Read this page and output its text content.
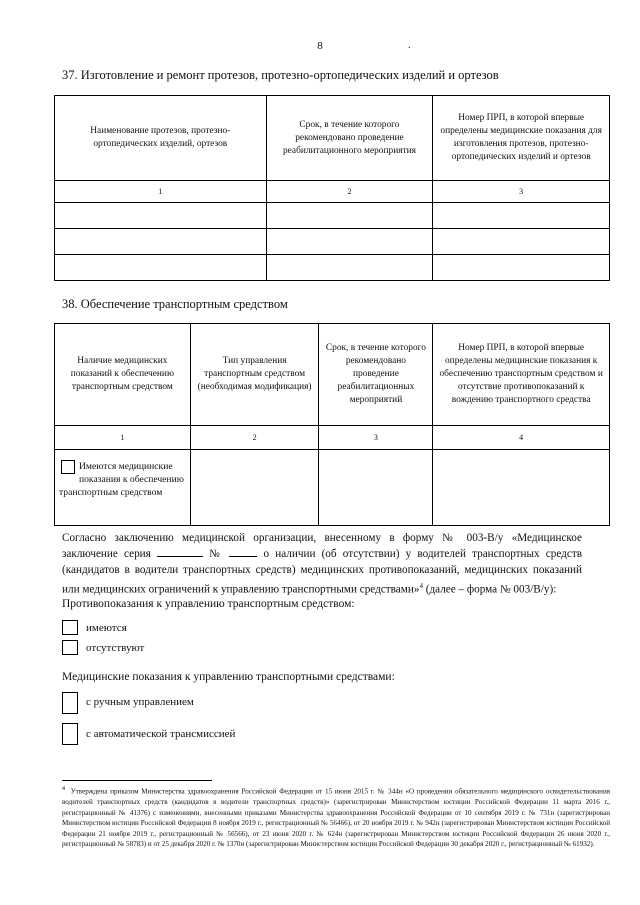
8	.
37. Изготовление и ремонт протезов, протезно-ортопедических изделий и ортезов
Наименование протезов, протезно-ортопедических изделий, ортезов	Срок, в течение которого рекомендовано проведение реабилитационного мероприятия	Номер ПРП, в которой впервые определены медицинские показания для изготовления протезов, протезно-ортопедических изделий и ортезов
1	2	3

38. Обеспечение транспортным средством
Наличие медицинских показаний к обеспечению транспортным средством	Тип управления транспортным средством (необходимая модификация)	Срок, в течение которого рекомендовано проведение реабилитационных мероприятий	Номер ПРП, в которой впервые определены медицинские показания к обеспечению транспортным средством и отсутствие противопоказаний к вождению транспортного средства
1	2	3	4

Имеются медицинские показания к обеспечению транспортным средством			
Согласно заключению медицинской организации, внесенному в форму № 003-В/у «Медицинское заключение серия	№	о наличии (об отсутствии) у водителей транспортных средств (кандидатов в водители транспортных средств) медицинских противопоказаний, медицинских показаний или медицинских ограничений к управлению транспортными средствами»$^4$ (далее – форма № 003/В/у):
Противопоказания к управлению транспортным средством:
имеются
отсутствуют
Медицинские показания к управлению транспортными средствами:
с ручным управлением
с автоматической трансмиссией
$^4$ Утверждена приказом Министерства здравоохранения Российской Федерации от 15 июня 2015 г. № 344н «О проведении обязательного медицинского освидетельствования водителей транспортных средств (кандидатов в водители транспортных средств)» (зарегистрирован Министерством юстиции Российской Федерации 11 марта 2016 г., регистрационный № 41376) с изменениями, внесенными приказами Министерства здравоохранения Российской Федерации от 10 сентября 2019 г. № 731н (зарегистрирован Министерством юстиции Российской Федерации 8 ноября 2019 г., регистрационный № 56466), от 20 ноября 2019 г. № 942н (зарегистрирован Министерством юстиции Российской Федерации 21 ноября 2019 г., регистрационный № 56566), от 23 июня 2020 г. № 624н (зарегистрирован Министерством юстиции Российской Федерации 26 июня 2020 г., регистрационный № 58783) и от 25 декабря 2020 г. № 1370н (зарегистрирован Министерством юстиции Российской Федерации 30 декабря 2020 г., регистрационный № 61932).
